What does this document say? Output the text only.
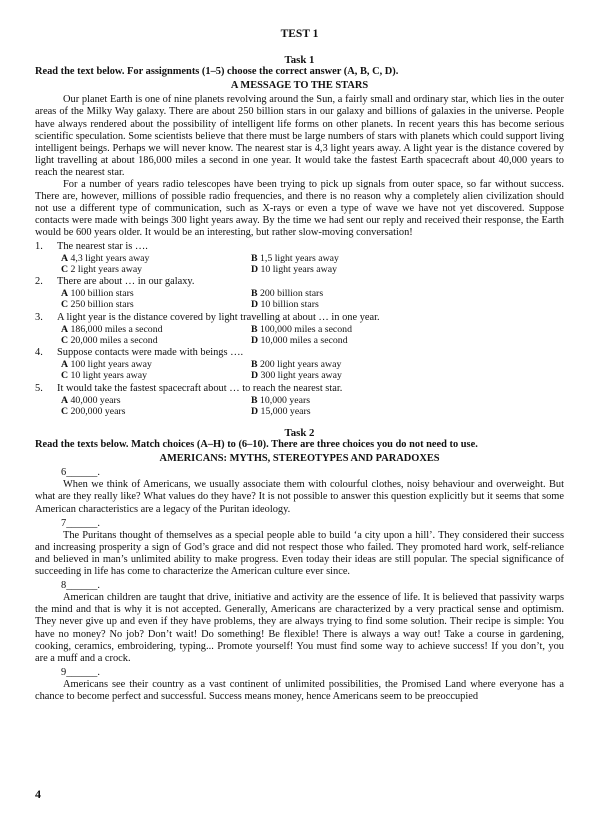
TEST 1
Task 1
Read the text below. For assignments (1–5) choose the correct answer (A, B, C, D).
A MESSAGE TO THE STARS

Our planet Earth is one of nine planets revolving around the Sun, a fairly small and ordinary star, which lies in the outer areas of the Milky Way galaxy. There are about 250 billion stars in our galaxy and billions of galaxies in the universe. People have always rendered about the possibility of intelligent life forms on other planets. In recent years this has become serious scientific speculation. Some scientists believe that there must be large numbers of stars with planets which could support living intelligent beings. Perhaps we will never know. The nearest star is 4,3 light years away. A light year is the distance covered by light travelling at about 186,000 miles a second in one year. It would take the fastest Earth spacecraft about 40,000 years to reach the nearest star.

For a number of years radio telescopes have been trying to pick up signals from outer space, so far without success. There are, however, millions of possible radio frequencies, and there is no reason why a completely alien civilization should not use a different type of communication, such as X-rays or even a type of wave we have not yet discovered. Suppose contacts were made with beings 300 light years away. By the time we had sent our reply and received their response, the Earth would be 600 years older. It would be an interesting, but rather slow-moving conversation!

1.	The nearest star is ….
A 4,3 light years away	B 1,5 light years away
C 2 light years away	D 10 light years away
2.	There are about … in our galaxy.
A 100 billion stars	B 200 billion stars
C 250 billion stars	D 10 billion stars
3.	A light year is the distance covered by light travelling at about … in one year.
A 186,000 miles a second	B 100,000 miles a second
C 20,000 miles a second	D 10,000 miles a second
4.	Suppose contacts were made with beings ….
A 100 light years away	B 200 light years away
C 10 light years away	D 300 light years away
5.	It would take the fastest spacecraft about … to reach the nearest star.
A 40,000 years	B 10,000 years
C 200,000 years	D 15,000 years
Task 2
Read the texts below. Match choices (A–H) to (6–10). There are three choices you do not need to use.
AMERICANS: MYTHS, STEREOTYPES AND PARADOXES
6______.

When we think of Americans, we usually associate them with colourful clothes, noisy behaviour and overweight. But what are they really like? What values do they have? It is not possible to answer this question explicitly but it seems that some American characteristics are a legacy of the Puritan ideology.

7______.

The Puritans thought of themselves as a special people able to build ‘a city upon a hill’. They considered their success and increasing prosperity a sign of God’s grace and did not respect those who failed. They promoted hard work, self-reliance and believed in man’s unlimited ability to make progress. Even today their ideas are still popular. The special significance of succeeding in life has come to characterize the American culture ever since.

8______.

American children are taught that drive, initiative and activity are the essence of life. It is believed that passivity warps the mind and that is why it is not accepted. Generally, Americans are characterized by a very practical sense and optimism. They never give up and even if they have problems, they are always trying to find some solution. Their recipe is simple: You have no money? No job? Don’t wait! Do something! Be flexible! There is always a way out! Take a course in gardening, cooking, ceramics, embroidering, typing... Promote yourself! You must find some way to achieve success! If you don’t, you are a muff and a crock.

9______.

Americans see their country as a vast continent of unlimited possibilities, the Promised Land where everyone has a chance to become perfect and successful. Success means money, hence Americans seem to be preoccupied

4
